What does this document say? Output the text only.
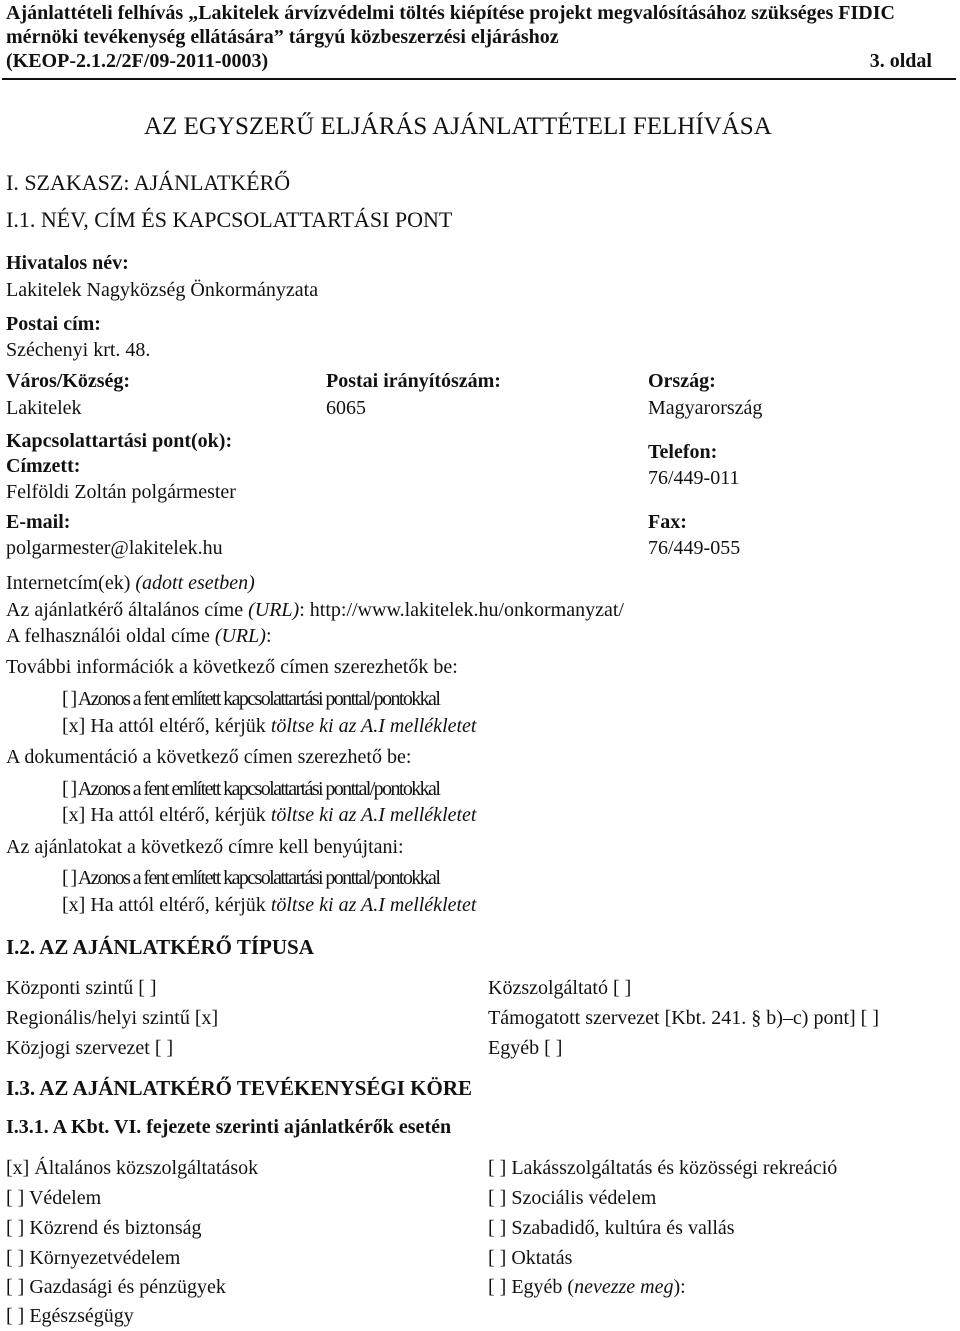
Ajánlattételi felhívás „Lakitelek árvízvédelmi töltés kiépítése projekt megvalósításához szükséges FIDIC
mérnöki tevékenység ellátására” tárgyú közbeszerzési eljáráshoz
(KEOP-2.1.2/2F/09-2011-0003)	3. oldal
AZ EGYSZERŰ ELJÁRÁS AJÁNLATTÉTELI FELHÍVÁSA
I. SZAKASZ: AJÁNLATKÉRŐ
I.1. NÉV, CÍM ÉS KAPCSOLATTARTÁSI PONT
Hivatalos név:
Lakitelek Nagyközség Önkormányzata
Postai cím:
Széchenyi krt. 48.
Város/Község:
Lakitelek
Postai irányítószám:
6065
Ország:
Magyarország
Kapcsolattartási pont(ok):
Címzett:
Felföldi Zoltán polgármester
Telefon:
76/449-011
E-mail:
polgarmester@lakitelek.hu
Fax:
76/449-055
Internetcím(ek) (adott esetben)
Az ajánlatkérő általános címe (URL): http://www.lakitelek.hu/onkormanyzat/
A felhasználói oldal címe (URL):
További információk a következő címen szerezhetők be:
[ ] Azonos a fent említett kapcsolattartási ponttal/pontokkal
[x] Ha attól eltérő, kérjük töltse ki az A.I mellékletet
A dokumentáció a következő címen szerezhető be:
[ ] Azonos a fent említett kapcsolattartási ponttal/pontokkal
[x] Ha attól eltérő, kérjük töltse ki az A.I mellékletet
Az ajánlatokat a következő címre kell benyújtani:
[ ] Azonos a fent említett kapcsolattartási ponttal/pontokkal
[x] Ha attól eltérő, kérjük töltse ki az A.I mellékletet
I.2. AZ AJÁNLATKÉRŐ TÍPUSA
Központi szintű [ ]
Regionális/helyi szintű [x]
Közjogi szervezet [ ]
Közszolgáltató [ ]
Támogatott szervezet [Kbt. 241. § b)–c) pont] [ ]
Egyéb [ ]
I.3. AZ AJÁNLATKÉRŐ TEVÉKENYSÉGI KÖRE
I.3.1. A Kbt. VI. fejezete szerinti ajánlatkérők esetén
[x] Általános közszolgáltatások
[ ] Védelem
[ ] Közrend és biztonság
[ ] Környezetvédelem
[ ] Gazdasági és pénzügyek
[ ] Egészségügy
[ ] Lakásszolgáltatás és közösségi rekreáció
[ ] Szociális védelem
[ ] Szabadidő, kultúra és vallás
[ ] Oktatás
[ ] Egyéb (nevezze meg):
